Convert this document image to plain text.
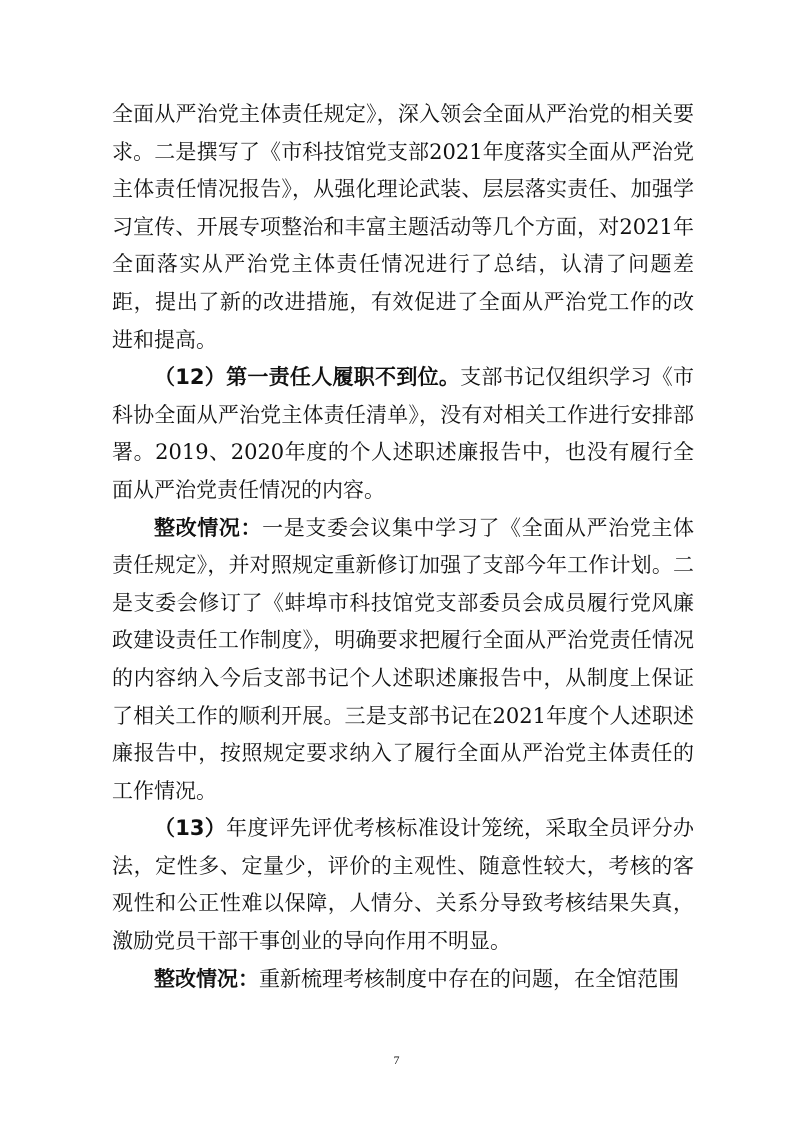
全面从严治党主体责任规定》，深入领会全面从严治党的相关要求。二是撰写了《市科技馆党支部2021年度落实全面从严治党主体责任情况报告》，从强化理论武装、层层落实责任、加强学习宣传、开展专项整治和丰富主题活动等几个方面，对2021年全面落实从严治党主体责任情况进行了总结，认清了问题差距，提出了新的改进措施，有效促进了全面从严治党工作的改进和提高。

（12）第一责任人履职不到位。支部书记仅组织学习《市科协全面从严治党主体责任清单》，没有对相关工作进行安排部署。2019、2020年度的个人述职述廉报告中，也没有履行全面从严治党责任情况的内容。

整改情况：一是支委会议集中学习了《全面从严治党主体责任规定》，并对照规定重新修订加强了支部今年工作计划。二是支委会修订了《蚌埠市科技馆党支部委员会成员履行党风廉政建设责任工作制度》，明确要求把履行全面从严治党责任情况的内容纳入今后支部书记个人述职述廉报告中，从制度上保证了相关工作的顺利开展。三是支部书记在2021年度个人述职述廉报告中，按照规定要求纳入了履行全面从严治党主体责任的工作情况。

（13）年度评先评优考核标准设计笼统，采取全员评分办法，定性多、定量少，评价的主观性、随意性较大，考核的客观性和公正性难以保障，人情分、关系分导致考核结果失真，激励党员干部干事创业的导向作用不明显。

整改情况：重新梳理考核制度中存在的问题，在全馆范围

7
